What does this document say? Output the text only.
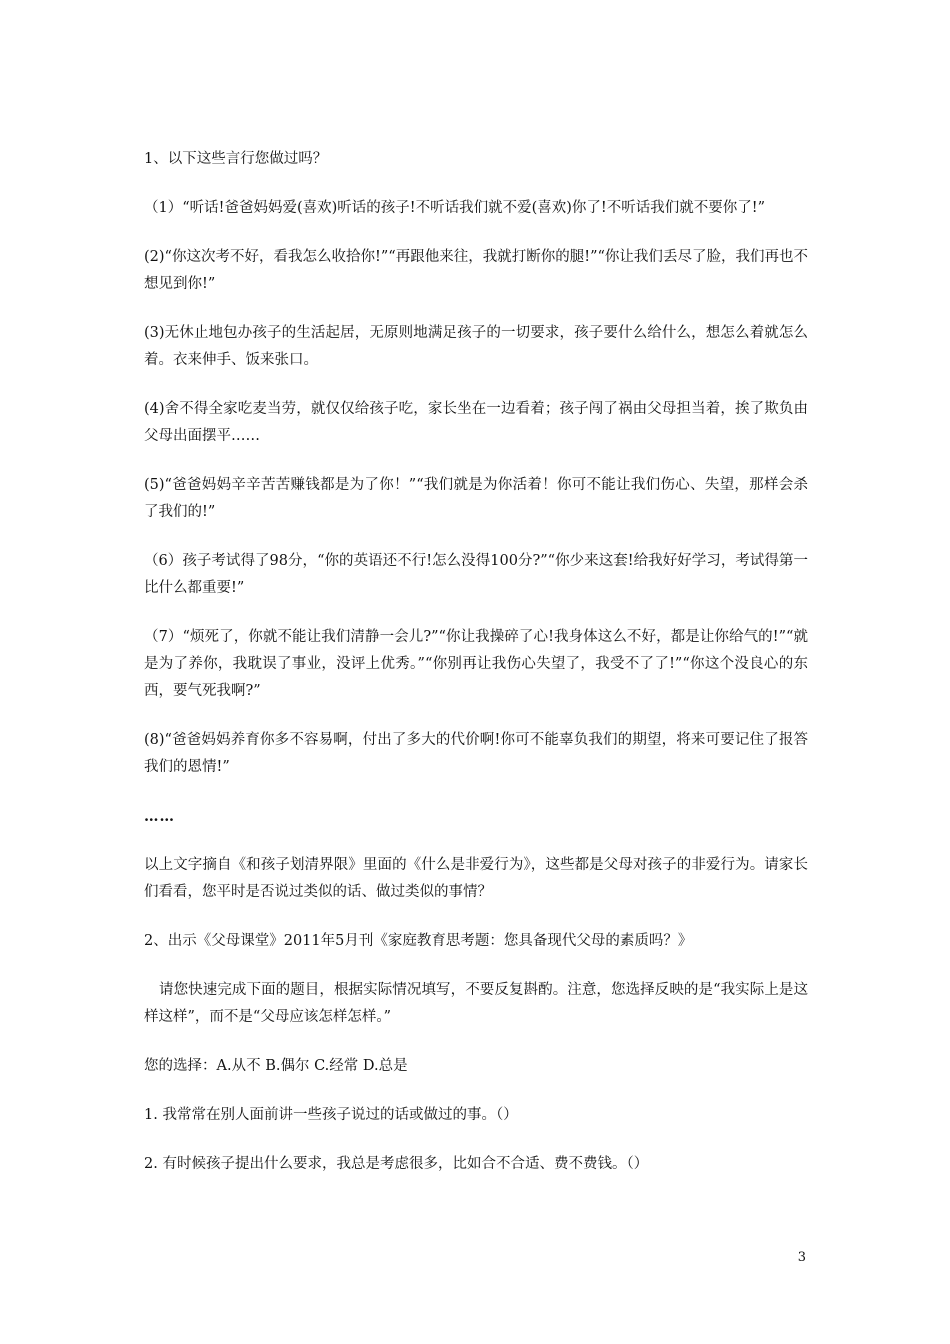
1、以下这些言行您做过吗？

（1）“听话!爸爸妈妈爱(喜欢)听话的孩子!不听话我们就不爱(喜欢)你了!不听话我们就不要你了!”

(2)“你这次考不好，看我怎么收拾你!”“再跟他来往，我就打断你的腿!”“你让我们丢尽了脸，我们再也不想见到你!”

(3)无休止地包办孩子的生活起居，无原则地满足孩子的一切要求，孩子要什么给什么，想怎么着就怎么着。衣来伸手、饭来张口。

(4)舍不得全家吃麦当劳，就仅仅给孩子吃，家长坐在一边看着；孩子闯了祸由父母担当着，挨了欺负由父母出面摆平……

(5)“爸爸妈妈辛辛苦苦赚钱都是为了你！”“我们就是为你活着！你可不能让我们伤心、失望，那样会杀了我们的!”

（6）孩子考试得了98分，“你的英语还不行!怎么没得100分?”“你少来这套!给我好好学习，考试得第一比什么都重要!”

（7）“烦死了，你就不能让我们清静一会儿?”“你让我操碎了心!我身体这么不好，都是让你给气的!”“就是为了养你，我耽误了事业，没评上优秀。”“你别再让我伤心失望了，我受不了了!”“你这个没良心的东西，要气死我啊?”

(8)“爸爸妈妈养育你多不容易啊，付出了多大的代价啊!你可不能辜负我们的期望，将来可要记住了报答我们的恩情!”

……

以上文字摘自《和孩子划清界限》里面的《什么是非爱行为》，这些都是父母对孩子的非爱行为。请家长们看看，您平时是否说过类似的话、做过类似的事情？

2、出示《父母课堂》2011年5月刊《家庭教育思考题：您具备现代父母的素质吗？》

请您快速完成下面的题目，根据实际情况填写，不要反复斟酌。注意，您选择反映的是“我实际上是这样这样”，而不是“父母应该怎样怎样。”

您的选择：A.从不 B.偶尔 C.经常 D.总是

1. 我常常在别人面前讲一些孩子说过的话或做过的事。（）

2. 有时候孩子提出什么要求，我总是考虑很多，比如合不合适、费不费钱。（）

3
